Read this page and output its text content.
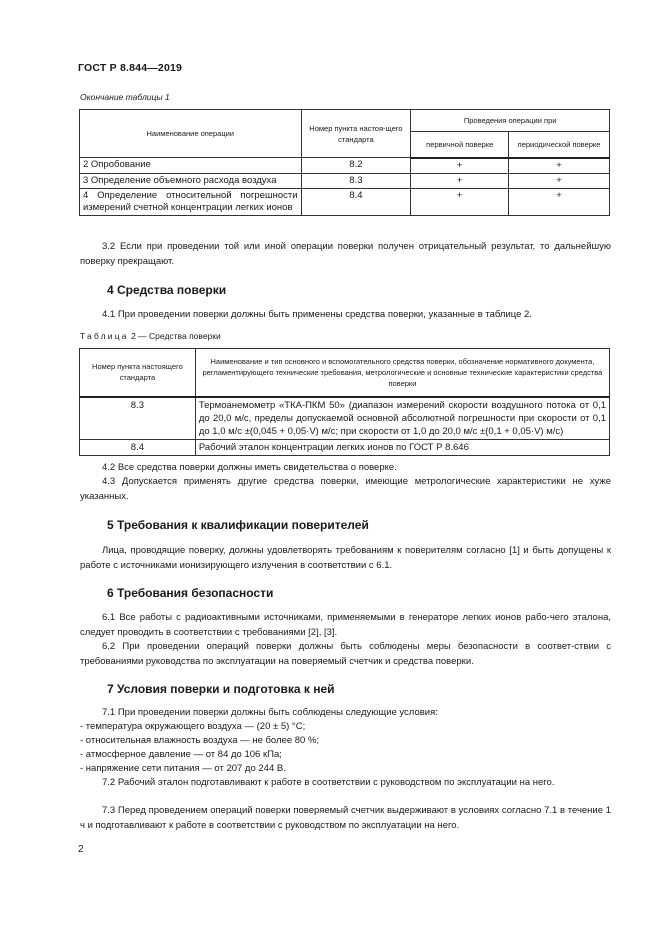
ГОСТ Р 8.844—2019
Окончание таблицы 1
Наименование операции	Номер пункта настоя-щего стандарта	Проведения операции при	
		первичной поверке	периодической поверке
2 Опробование	8.2	+	+
3 Определение объемного расхода воздуха	8.3	+	+
4 Определение относительной погрешности измерений счетной концентрации легких ионов	8.4	+	+
3.2 Если при проведении той или иной операции поверки получен отрицательный результат, то дальнейшую поверку прекращают.
4 Средства поверки
4.1 При проведении поверки должны быть применены средства поверки, указанные в таблице 2.
Таблица 2 — Средства поверки
Номер пункта настоящего стандарта	Наименование и тип основного и вспомогательного средства поверки, обозначение нормативного документа, регламентирующего технические требования, метрологические и основные технические характеристики средства поверки
8.3	Термоанемометр «ТКА-ПКМ 50» (диапазон измерений скорости воздушного потока от 0,1 до 20,0 м/с, пределы допускаемой основной абсолютной погрешности при скорости от 0,1 до 1,0 м/с ±(0,045 + 0,05·V) м/с; при скорости от 1,0 до 20,0 м/с ±(0,1 + 0,05·V) м/с)
8.4	Рабочий эталон концентрации легких ионов по ГОСТ Р 8.646
4.2 Все средства поверки должны иметь свидетельства о поверке.
4.3 Допускается применять другие средства поверки, имеющие метрологические характеристики не хуже указанных.
5 Требования к квалификации поверителей
Лица, проводящие поверку, должны удовлетворять требованиям к поверителям согласно [1] и быть допущены к работе с источниками ионизирующего излучения в соответствии с 6.1.
6 Требования безопасности
6.1 Все работы с радиоактивными источниками, применяемыми в генераторе легких ионов рабо-чего эталона, следует проводить в соответствии с требованиями [2], [3].
6.2 При проведении операций поверки должны быть соблюдены меры безопасности в соответ-ствии с требованиями руководства по эксплуатации на поверяемый счетчик и средства поверки.
7 Условия поверки и подготовка к ней
7.1 При проведении поверки должны быть соблюдены следующие условия:
- температура окружающего воздуха — (20 ± 5) °С;
- относительная влажность воздуха — не более 80 %;
- атмосферное давление — от 84 до 106 кПа;
- напряжение сети питания — от 207 до 244 В.
7.2 Рабочий эталон подготавливают к работе в соответствии с руководством по эксплуатации на него.
7.3 Перед проведением операций поверки поверяемый счетчик выдерживают в условиях согласно 7.1 в течение 1 ч и подготавливают к работе в соответствии с руководством по эксплуатации на него.
2
